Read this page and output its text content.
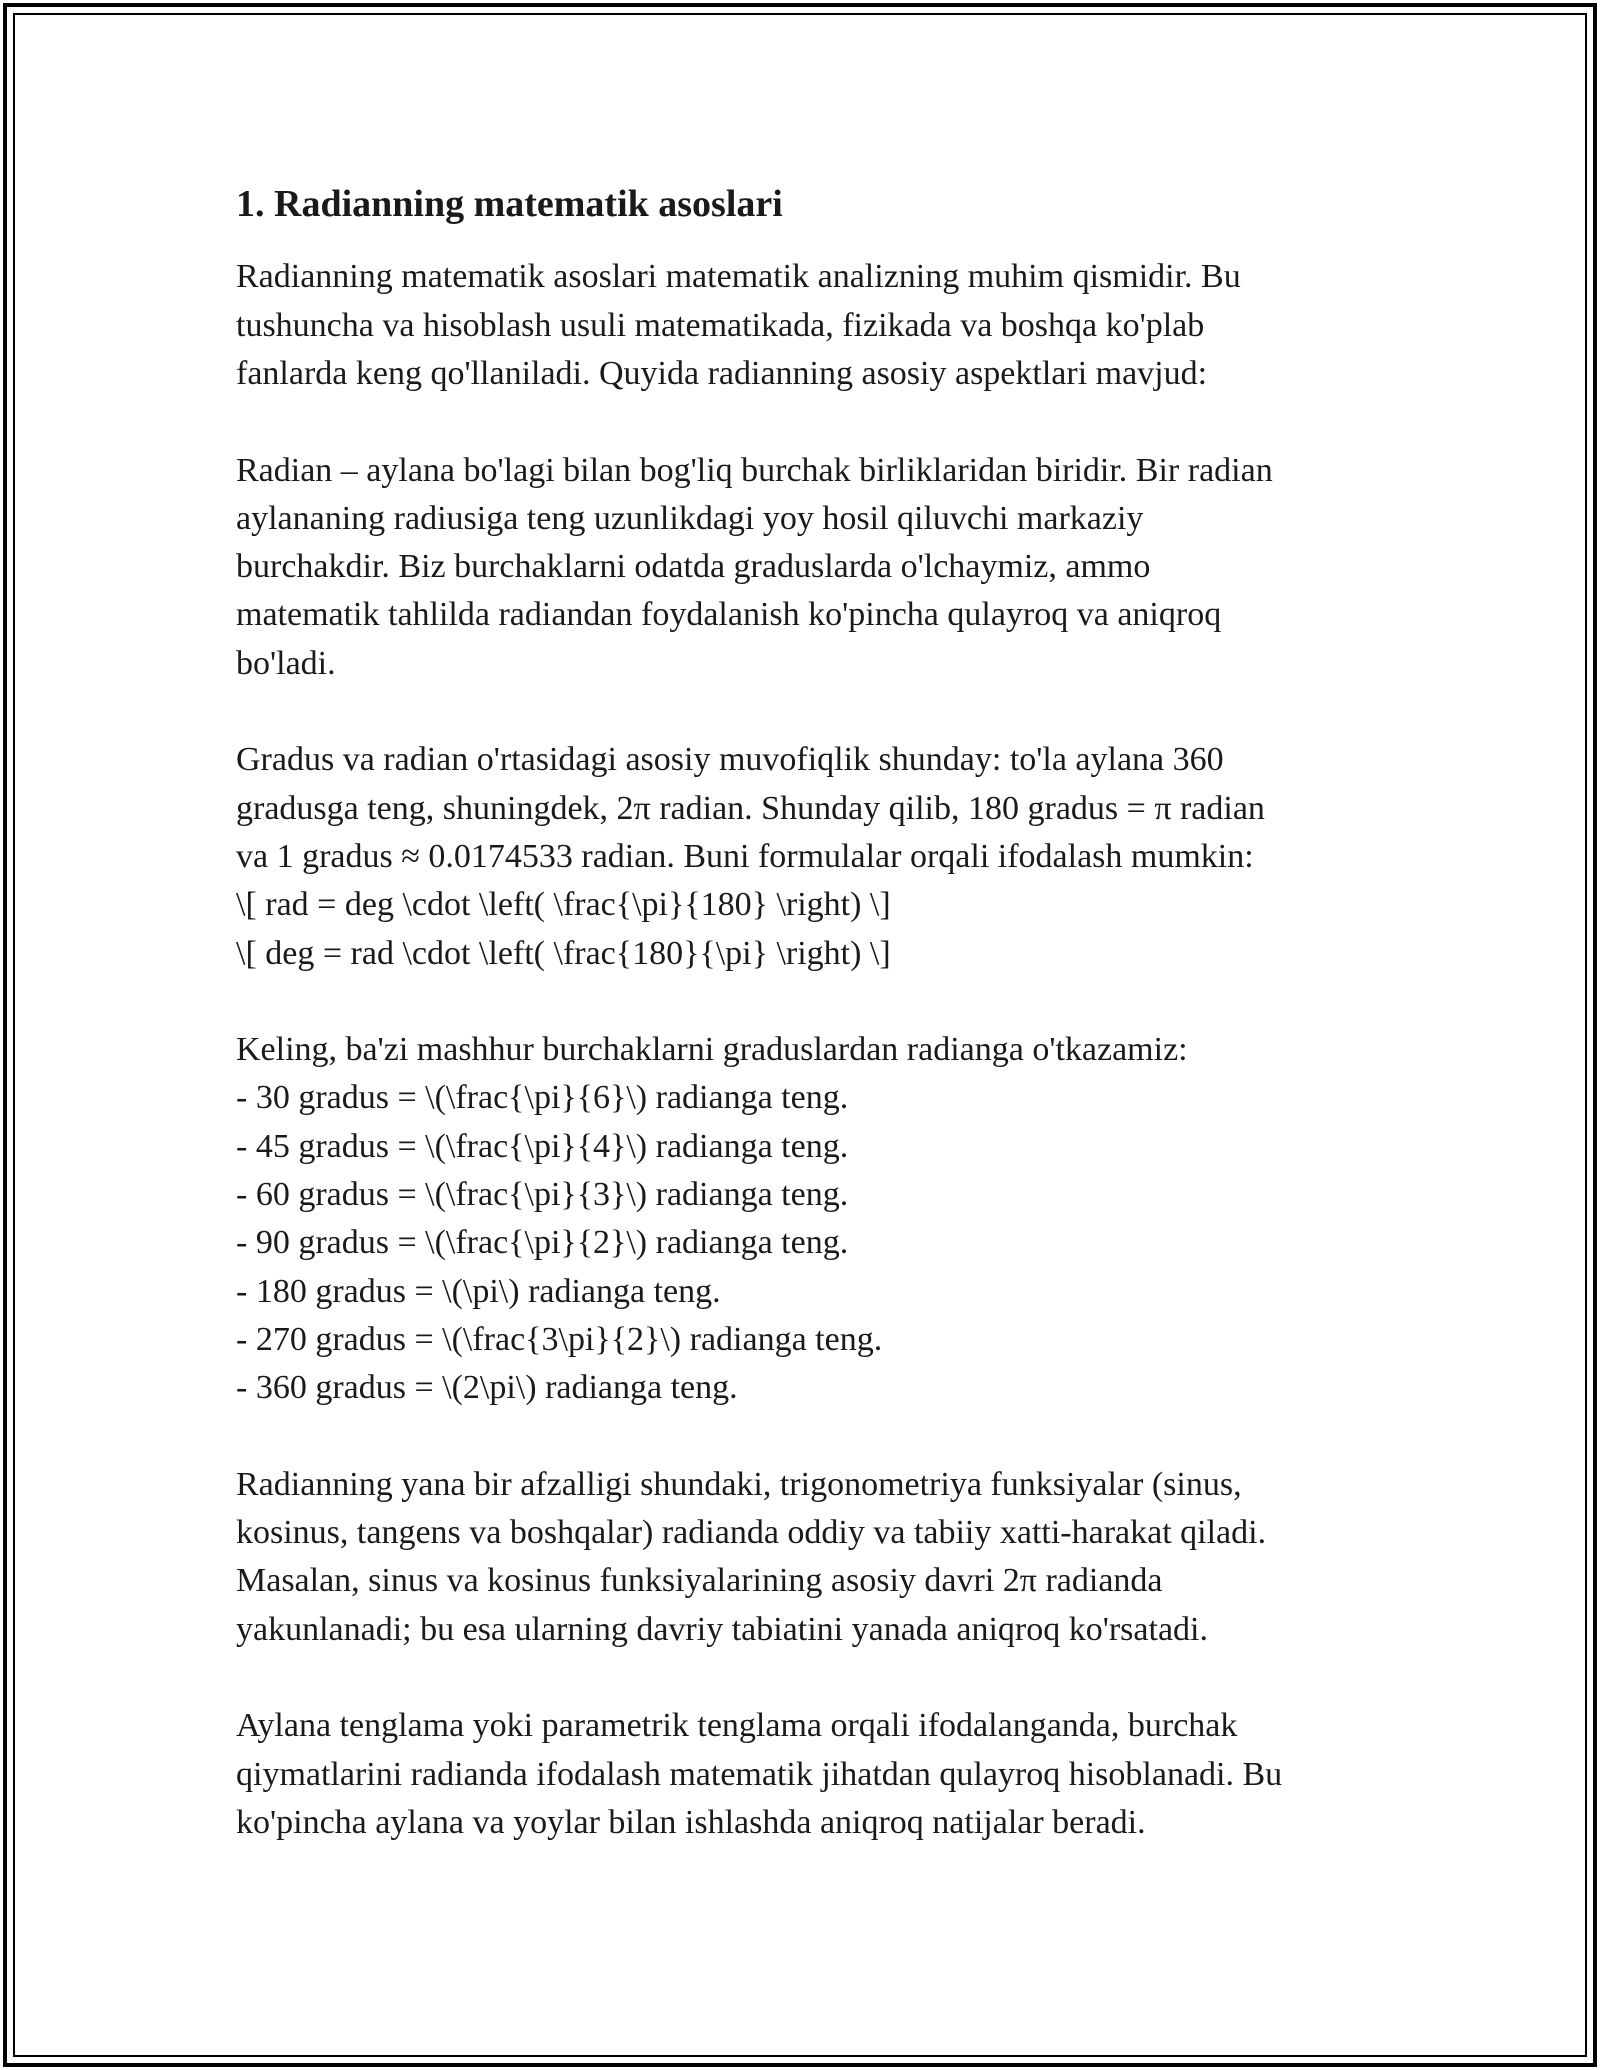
1. Radianning matematik asoslari
Radianning matematik asoslari matematik analizning muhim qismidir. Bu
tushuncha va hisoblash usuli matematikada, fizikada va boshqa ko'plab
fanlarda keng qo'llaniladi. Quyida radianning asosiy aspektlari mavjud:
Radian – aylana bo'lagi bilan bog'liq burchak birliklaridan biridir. Bir radian
aylananing radiusiga teng uzunlikdagi yoy hosil qiluvchi markaziy
burchakdir. Biz burchaklarni odatda graduslarda o'lchaymiz, ammo
matematik tahlilda radiandan foydalanish ko'pincha qulayroq va aniqroq
bo'ladi.
Gradus va radian o'rtasidagi asosiy muvofiqlik shunday: to'la aylana 360
gradusga teng, shuningdek, 2π radian. Shunday qilib, 180 gradus = π radian
va 1 gradus ≈ 0.0174533 radian. Buni formulalar orqali ifodalash mumkin:
\[ rad = deg \cdot \left( \frac{\pi}{180} \right) \]
\[ deg = rad \cdot \left( \frac{180}{\pi} \right) \]
Keling, ba'zi mashhur burchaklarni graduslardan radianga o'tkazamiz:
- 30 gradus = \(\frac{\pi}{6}\) radianga teng.
- 45 gradus = \(\frac{\pi}{4}\) radianga teng.
- 60 gradus = \(\frac{\pi}{3}\) radianga teng.
- 90 gradus = \(\frac{\pi}{2}\) radianga teng.
- 180 gradus = \(\pi\) radianga teng.
- 270 gradus = \(\frac{3\pi}{2}\) radianga teng.
- 360 gradus = \(2\pi\) radianga teng.
Radianning yana bir afzalligi shundaki, trigonometriya funksiyalar (sinus,
kosinus, tangens va boshqalar) radianda oddiy va tabiiy xatti-harakat qiladi.
Masalan, sinus va kosinus funksiyalarining asosiy davri 2π radianda
yakunlanadi; bu esa ularning davriy tabiatini yanada aniqroq ko'rsatadi.
Aylana tenglama yoki parametrik tenglama orqali ifodalanganda, burchak
qiymatlarini radianda ifodalash matematik jihatdan qulayroq hisoblanadi. Bu
ko'pincha aylana va yoylar bilan ishlashda aniqroq natijalar beradi.
